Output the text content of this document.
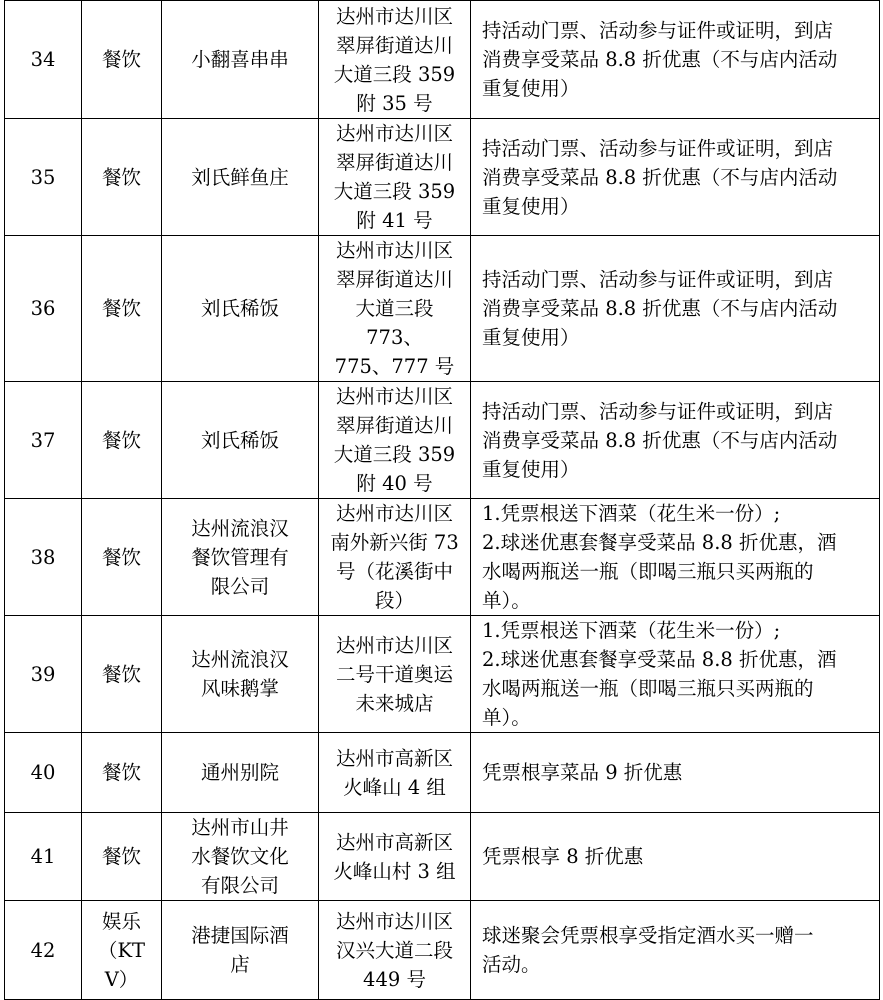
34	餐饮	小翻喜串串	达州市达川区
翠屏街道达川
大道三段 359
附 35 号	持活动门票、活动参与证件或证明，到店
消费享受菜品 8.8 折优惠（不与店内活动
重复使用）

35	餐饮	刘氏鲜鱼庄	达州市达川区
翠屏街道达川
大道三段 359
附 41 号	持活动门票、活动参与证件或证明，到店
消费享受菜品 8.8 折优惠（不与店内活动
重复使用）

36	餐饮	刘氏稀饭	达州市达川区
翠屏街道达川
大道三段 773、
775、777 号	持活动门票、活动参与证件或证明，到店
消费享受菜品 8.8 折优惠（不与店内活动
重复使用）

37	餐饮	刘氏稀饭	达州市达川区
翠屏街道达川
大道三段 359
附 40 号	持活动门票、活动参与证件或证明，到店
消费享受菜品 8.8 折优惠（不与店内活动
重复使用）

38	餐饮	达州流浪汉
餐饮管理有
限公司	达州市达川区
南外新兴街 73
号（花溪街中
段）	1.凭票根送下酒菜（花生米一份）;
2.球迷优惠套餐享受菜品 8.8 折优惠，酒
水喝两瓶送一瓶（即喝三瓶只买两瓶的
单）。

39	餐饮	达州流浪汉
风味鹅掌	达州市达川区
二号干道奥运
未来城店	1.凭票根送下酒菜（花生米一份）;
2.球迷优惠套餐享受菜品 8.8 折优惠，酒
水喝两瓶送一瓶（即喝三瓶只买两瓶的
单）。

40	餐饮	通州别院	达州市高新区
火峰山 4 组	凭票根享菜品 9 折优惠

41	餐饮	达州市山井
水餐饮文化
有限公司	达州市高新区
火峰山村 3 组	凭票根享 8 折优惠

42	娱乐
（KT
V）	港捷国际酒
店	达州市达川区
汉兴大道二段
449 号	球迷聚会凭票根享受指定酒水买一赠一
活动。
